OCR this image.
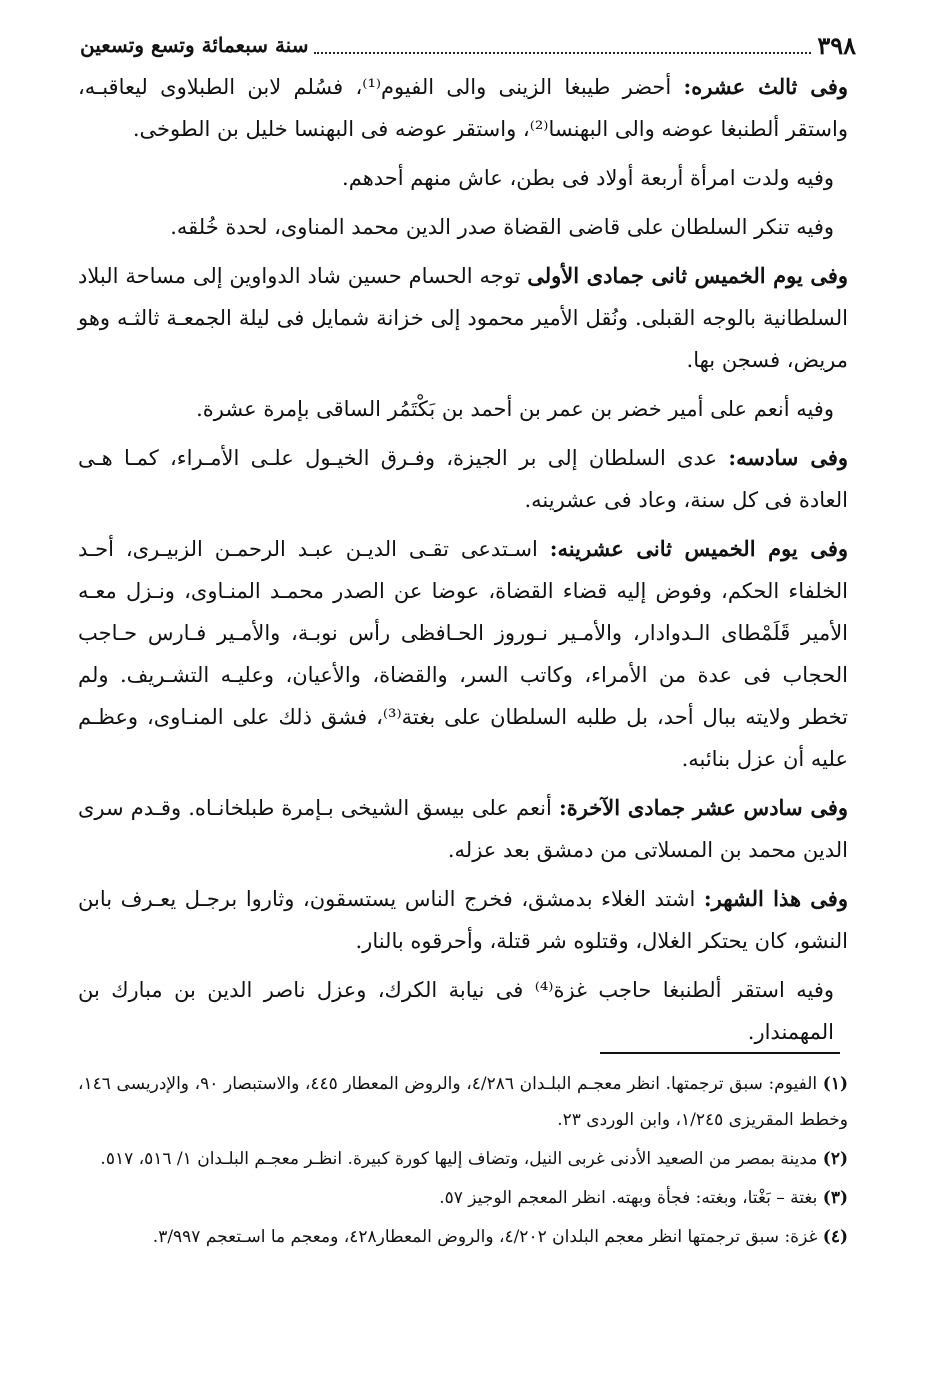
٣٩٨
سنة سبعمائة وتسع وتسعين

وفى ثالث عشره: أحضر طيبغا الزينى والى الفيوم⁽¹⁾، فسُلم لابن الطبلاوى ليعاقبـه، واستقر ألطنبغا عوضه والى البهنسا⁽²⁾، واستقر عوضه فى البهنسا خليل بن الطوخى.

وفيه ولدت امرأة أربعة أولاد فى بطن، عاش منهم أحدهم.

وفيه تنكر السلطان على قاضى القضاة صدر الدين محمد المناوى، لحدة خُلقه.

وفى يوم الخميس ثانى جمادى الأولى توجه الحسام حسين شاد الدواوين إلى مساحة البلاد السلطانية بالوجه القبلى. ونُقل الأمير محمود إلى خزانة شمايل فى ليلة الجمعـة ثالثـه وهو مريض، فسجن بها.

وفيه أنعم على أمير خضر بن عمر بن أحمد بن بَكْتَمُر الساقى بإمرة عشرة.

وفى سادسه: عدى السلطان إلى بر الجيزة، وفـرق الخيـول علـى الأمـراء، كمـا هـى العادة فى كل سنة، وعاد فى عشرينه.

وفى يوم الخميس ثانى عشرينه: اسـتدعى تقـى الديـن عبـد الرحمـن الزبيـرى، أحـد الخلفاء الحكم، وفوض إليه قضاء القضاة، عوضا عن الصدر محمـد المنـاوى، ونـزل معـه الأمير قَلَمْطاى الـدوادار، والأمـير نـوروز الحـافظى رأس نوبـة، والأمـير فـارس حـاجب الحجاب فى عدة من الأمراء، وكاتب السر، والقضاة، والأعيان، وعليـه التشـريف. ولم تخطر ولايته ببال أحد، بل طلبه السلطان على بغتة⁽³⁾، فشق ذلك على المنـاوى، وعظـم عليه أن عزل بنائبه.

وفى سادس عشر جمادى الآخرة: أنعم على بيسق الشيخى بـإمرة طبلخانـاه. وقـدم سرى الدين محمد بن المسلاتى من دمشق بعد عزله.

وفى هذا الشهر: اشتد الغلاء بدمشق، فخرج الناس يستسقون، وثاروا برجـل يعـرف بابن النشو، كان يحتكر الغلال، وقتلوه شر قتلة، وأحرقوه بالنار.

وفيه استقر ألطنبغا حاجب غزة⁽⁴⁾ فى نيابة الكرك، وعزل ناصر الدين بن مبارك بن المهمندار.

(١) الفيوم: سبق ترجمتها. انظر معجـم البلـدان ٤/٢٨٦، والروض المعطار ٤٤٥، والاستبصار ٩٠، والإدريسى ١٤٦، وخطط المقريزى ١/٢٤٥، وابن الوردى ٢٣.

(٢) مدينة بمصر من الصعيد الأدنى غربى النيل، وتضاف إليها كورة كبيرة. انظـر معجـم البلـدان ١/ ٥١٦، ٥١٧.

(٣) بغتة – بَغْتا، وبغته: فجأة وبهته. انظر المعجم الوجيز ٥٧.

(٤) غزة: سبق ترجمتها انظر معجم البلدان ٤/٢٠٢، والروض المعطار٤٢٨، ومعجم ما اسـتعجم ٣/٩٩٧.
